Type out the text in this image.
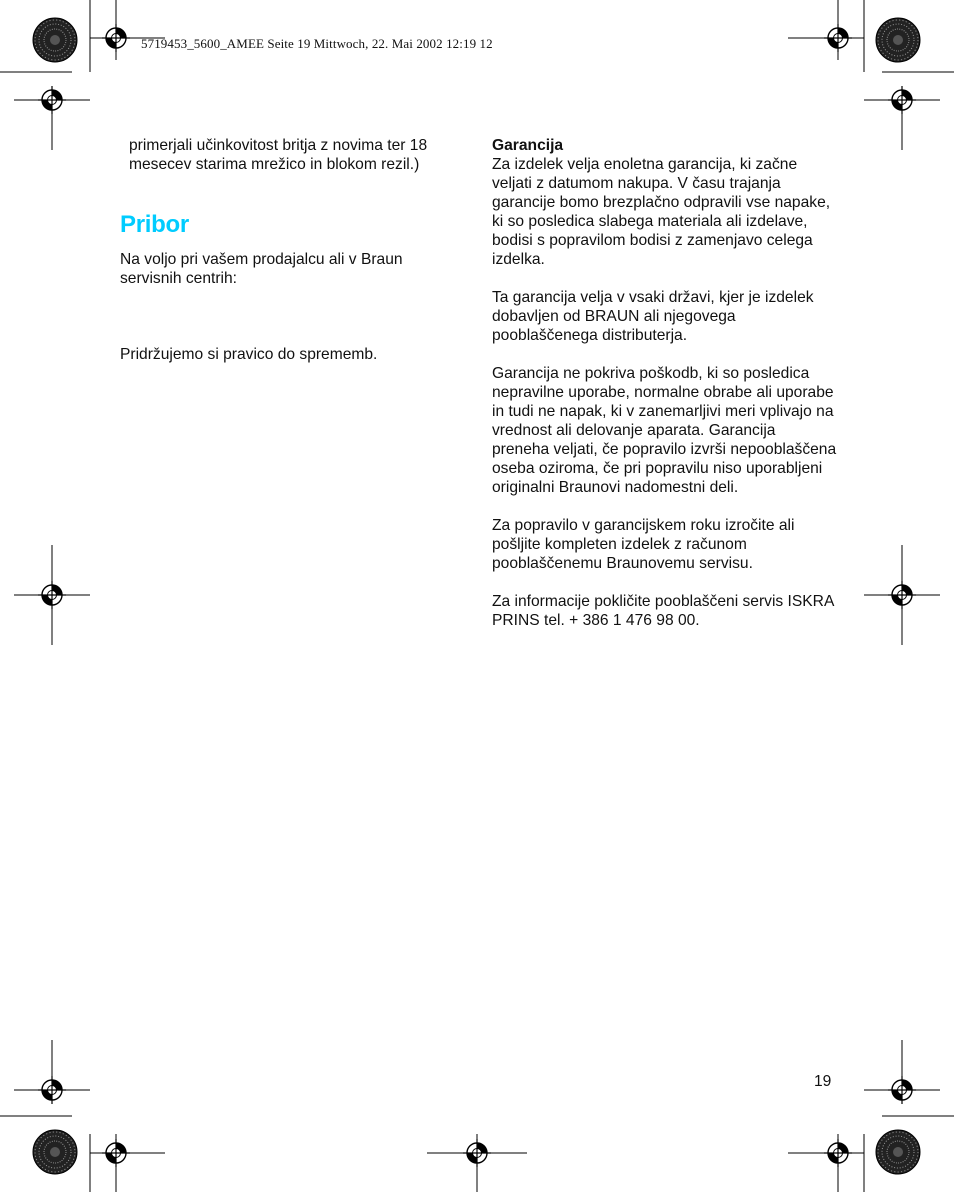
5719453_5600_AMEE Seite 19 Mittwoch, 22. Mai 2002 12:19 12

primerjali učinkovitost britja z novima ter 18 mesecev starima mrežico in blokom rezil.)

Pribor

Na voljo pri vašem prodajalcu ali v Braun servisnih centrih:

Pridržujemo si pravico do sprememb.

Garancija

Za izdelek velja enoletna garancija, ki začne veljati z datumom nakupa. V času trajanja garancije bomo brezplačno odpravili vse napake, ki so posledica slabega materiala ali izdelave, bodisi s popravilom bodisi z zamenjavo celega izdelka.

Ta garancija velja v vsaki državi, kjer je izdelek dobavljen od BRAUN ali njegovega pooblaščenega distributerja.

Garancija ne pokriva poškodb, ki so posledica nepravilne uporabe, normalne obrabe ali uporabe in tudi ne napak, ki v zanemarljivi meri vplivajo na vrednost ali delovanje aparata. Garancija preneha veljati, če popravilo izvrši nepooblaščena oseba oziroma, če pri popravilu niso uporabljeni originalni Braunovi nadomestni deli.

Za popravilo v garancijskem roku izročite ali pošljite kompleten izdelek z računom pooblaščenemu Braunovemu servisu.

Za informacije pokličite pooblaščeni servis ISKRA PRINS tel. + 386 1 476 98 00.

19
